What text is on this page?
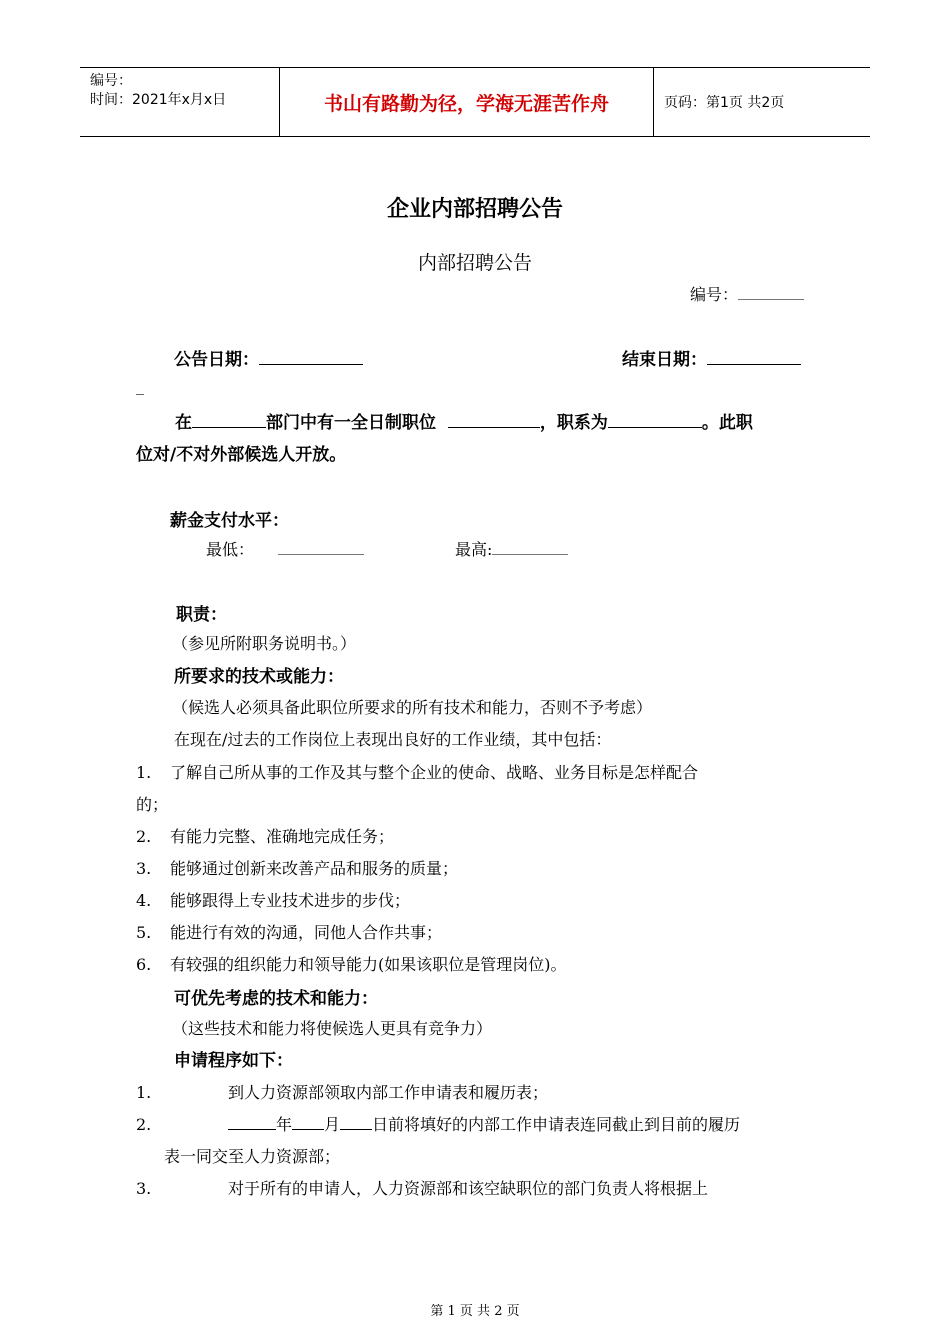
编号：
时间：2021年x月x日	书山有路勤为径，学海无涯苦作舟	页码：第1页 共2页
企业内部招聘公告
内部招聘公告
编号：
公告日期：	结束日期：
_
在	部门中有一全日制职位	，职系为	。此职
位对/不对外部候选人开放。
薪金支付水平：
最低：	最高:
职责：
（参见所附职务说明书。）
所要求的技术或能力：
（候选人必须具备此职位所要求的所有技术和能力，否则不予考虑）
在现在/过去的工作岗位上表现出良好的工作业绩，其中包括：
1. 了解自己所从事的工作及其与整个企业的使命、战略、业务目标是怎样配合
的；
2. 有能力完整、准确地完成任务；
3. 能够通过创新来改善产品和服务的质量；
4. 能够跟得上专业技术进步的步伐；
5. 能进行有效的沟通，同他人合作共事；
6. 有较强的组织能力和领导能力(如果该职位是管理岗位)。
可优先考虑的技术和能力：
（这些技术和能力将使候选人更具有竞争力）
申请程序如下：
1.	到人力资源部领取内部工作申请表和履历表；
2.	年 月 日前将填好的内部工作申请表连同截止到目前的履历
表一同交至人力资源部；
3.	对于所有的申请人，人力资源部和该空缺职位的部门负责人将根据上
第 1 页 共 2 页
